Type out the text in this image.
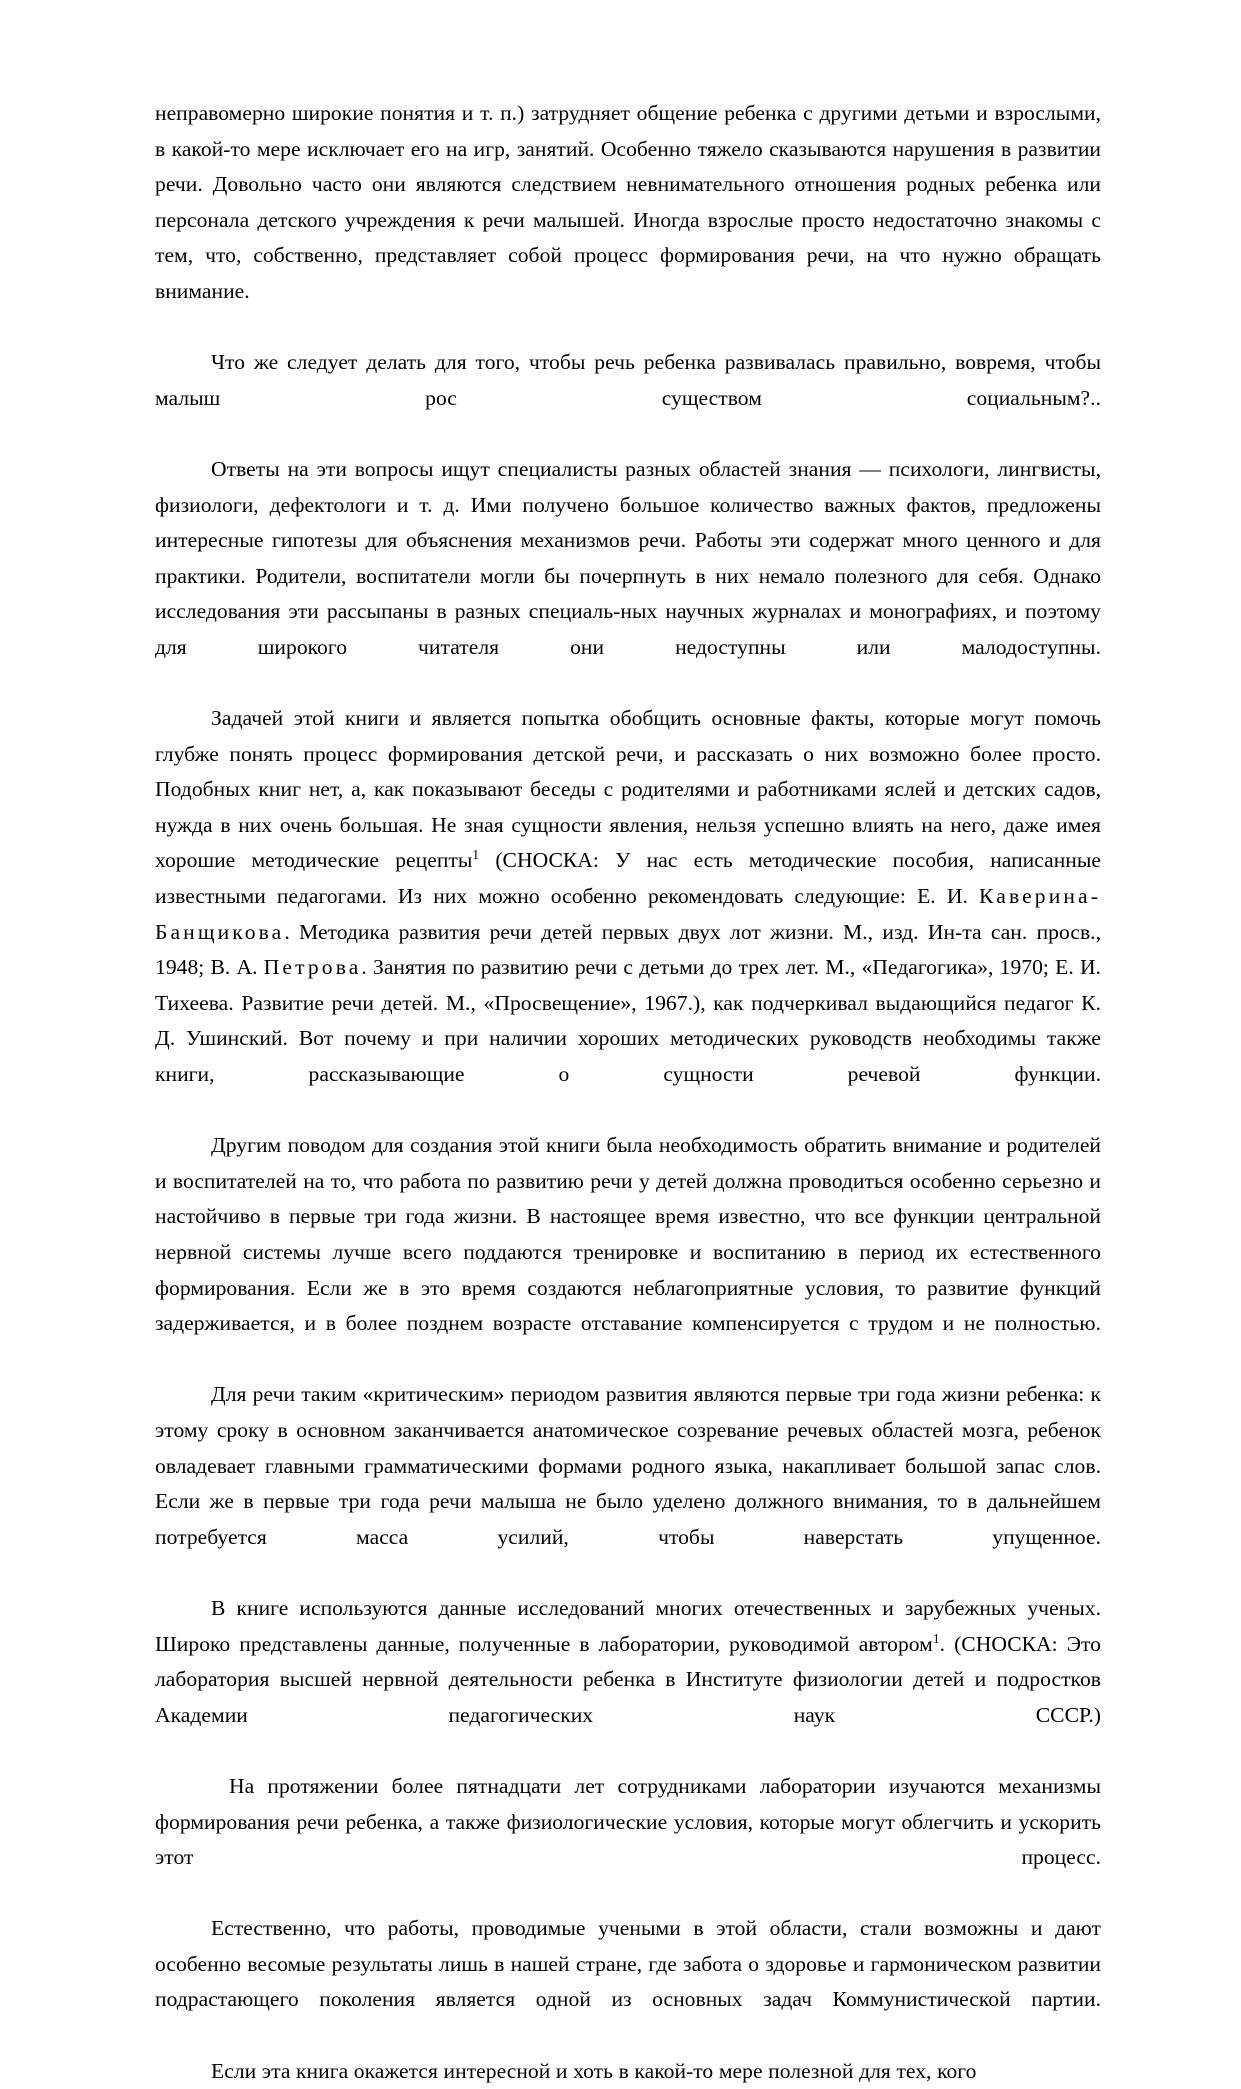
неправомерно широкие понятия и т. п.) затрудняет общение ребенка с другими детьми и взрослыми, в какой-то мере исключает его на игр, занятий. Особенно тяжело сказываются нарушения в развитии речи. Довольно часто они являются следствием невнимательного отношения родных ребенка или персонала детского учреждения к речи малышей. Иногда взрослые просто недостаточно знакомы с тем, что, собственно, представляет собой процесс формирования речи, на что нужно обращать внимание.

Что же следует делать для того, чтобы речь ребенка развивалась правильно, вовремя, чтобы малыш рос существом социальным?..

Ответы на эти вопросы ищут специалисты разных областей знания — психологи, лингвисты, физиологи, дефектологи и т. д. Ими получено большое количество важных фактов, предложены интересные гипотезы для объяснения механизмов речи. Работы эти содержат много ценного и для практики. Родители, воспитатели могли бы почерпнуть в них немало полезного для себя. Однако исследования эти рассыпаны в разных специаль-ных научных журналах и монографиях, и поэтому для широкого читателя они недоступны или малодоступны.

Задачей этой книги и является попытка обобщить основные факты, которые могут помочь глубже понять процесс формирования детской речи, и рассказать о них возможно более просто. Подобных книг нет, а, как показывают беседы с родителями и работниками яслей и детских садов, нужда в них очень большая. Не зная сущности явления, нельзя успешно влиять на него, даже имея хорошие методические рецепты$^1$ (СНОСКА: У нас есть методические пособия, написанные известными педагогами. Из них можно особенно рекомендовать следующие: Е. И. Каверина-Банщикова. Методика развития речи детей первых двух лот жизни. М., изд. Ин-та сан. просв., 1948; В. А. Петрова. Занятия по развитию речи с детьми до трех лет. М., «Педагогика», 1970; Е. И. Тихеева. Развитие речи детей. М., «Просвещение», 1967.), как подчеркивал выдающийся педагог К. Д. Ушинский. Вот почему и при наличии хороших методических руководств необходимы также книги, рассказывающие о сущности речевой функции.

Другим поводом для создания этой книги была необходимость обратить внимание и родителей и воспитателей на то, что работа по развитию речи у детей должна проводиться особенно серьезно и настойчиво в первые три года жизни. В настоящее время известно, что все функции центральной нервной системы лучше всего поддаются тренировке и воспитанию в период их естественного формирования. Если же в это время создаются неблагоприятные условия, то развитие функций задерживается, и в более позднем возрасте отставание компенсируется с трудом и не полностью.

Для речи таким «критическим» периодом развития являются первые три года жизни ребенка: к этому сроку в основном заканчивается анатомическое созревание речевых областей мозга, ребенок овладевает главными грамматическими формами родного языка, накапливает большой запас слов. Если же в первые три года речи малыша не было уделено должного внимания, то в дальнейшем потребуется масса усилий, чтобы наверстать упущенное.

В книге используются данные исследований многих отечественных и зарубежных ученых. Широко представлены данные, полученные в лаборатории, руководимой автором$^1$. (СНОСКА: Это лаборатория высшей нервной деятельности ребенка в Институте физиологии детей и подростков Академии педагогических наук СССР.)

На протяжении более пятнадцати лет сотрудниками лаборатории изучаются механизмы формирования речи ребенка, а также физиологические условия, которые могут облегчить и ускорить этот процесс.

Естественно, что работы, проводимые учеными в этой области, стали возможны и дают особенно весомые результаты лишь в нашей стране, где забота о здоровье и гармоническом развитии подрастающего поколения является одной из основных задач Коммунистической партии.

Если эта книга окажется интересной и хоть в какой-то мере полезной для тех, кого
